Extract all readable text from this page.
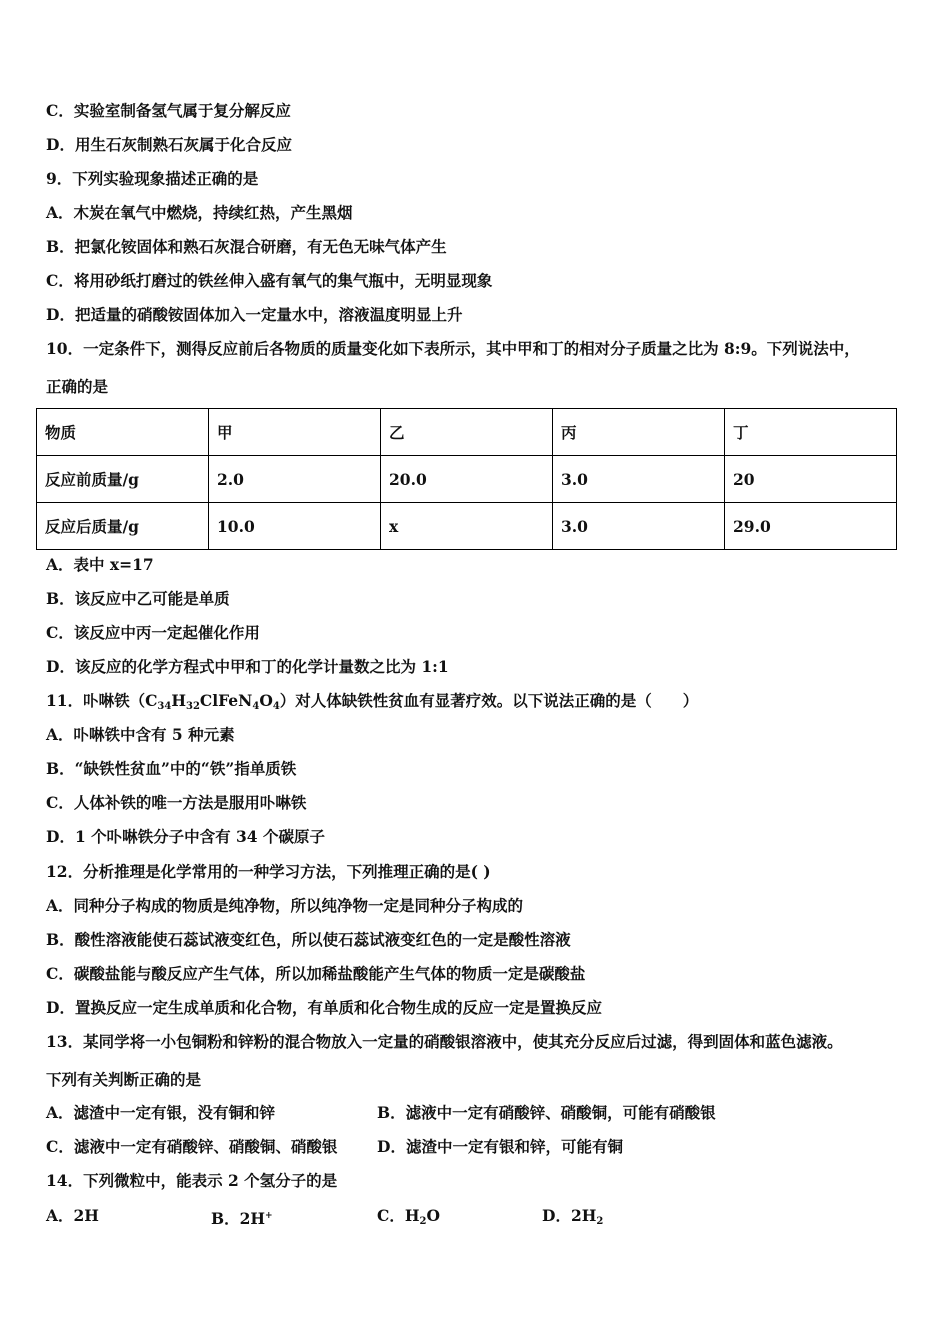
C．实验室制备氢气属于复分解反应
D．用生石灰制熟石灰属于化合反应
9．下列实验现象描述正确的是
A．木炭在氧气中燃烧，持续红热，产生黑烟
B．把氯化铵固体和熟石灰混合研磨，有无色无味气体产生
C．将用砂纸打磨过的铁丝伸入盛有氧气的集气瓶中，无明显现象
D．把适量的硝酸铵固体加入一定量水中，溶液温度明显上升
10．一定条件下，测得反应前后各物质的质量变化如下表所示，其中甲和丁的相对分子质量之比为 8:9。下列说法中，
正确的是
物质	甲	乙	丙	丁
反应前质量/g	2.0	20.0	3.0	20
反应后质量/g	10.0	x	3.0	29.0
A．表中 x=17
B．该反应中乙可能是单质
C．该反应中丙一定起催化作用
D．该反应的化学方程式中甲和丁的化学计量数之比为 1:1
11．卟啉铁$(C_{34}H_{32}ClFeN_4O_4)$对人体缺铁性贫血有显著疗效。以下说法正确的是（　　）
A．卟啉铁中含有 5 种元素
B．“缺铁性贫血”中的“铁”指单质铁
C．人体补铁的唯一方法是服用卟啉铁
D．1 个卟啉铁分子中含有 34 个碳原子
12．分析推理是化学常用的一种学习方法，下列推理正确的是( )
A．同种分子构成的物质是纯净物，所以纯净物一定是同种分子构成的
B．酸性溶液能使石蕊试液变红色，所以使石蕊试液变红色的一定是酸性溶液
C．碳酸盐能与酸反应产生气体，所以加稀盐酸能产生气体的物质一定是碳酸盐
D．置换反应一定生成单质和化合物，有单质和化合物生成的反应一定是置换反应
13．某同学将一小包铜粉和锌粉的混合物放入一定量的硝酸银溶液中，使其充分反应后过滤，得到固体和蓝色滤液。
下列有关判断正确的是
A．滤渣中一定有银，没有铜和锌	B．滤液中一定有硝酸锌、硝酸铜，可能有硝酸银
C．滤液中一定有硝酸锌、硝酸铜、硝酸银	D．滤渣中一定有银和锌，可能有铜
14．下列微粒中，能表示 2 个氢分子的是
A．2H	B．2H+	C．H2O	D．2H2
